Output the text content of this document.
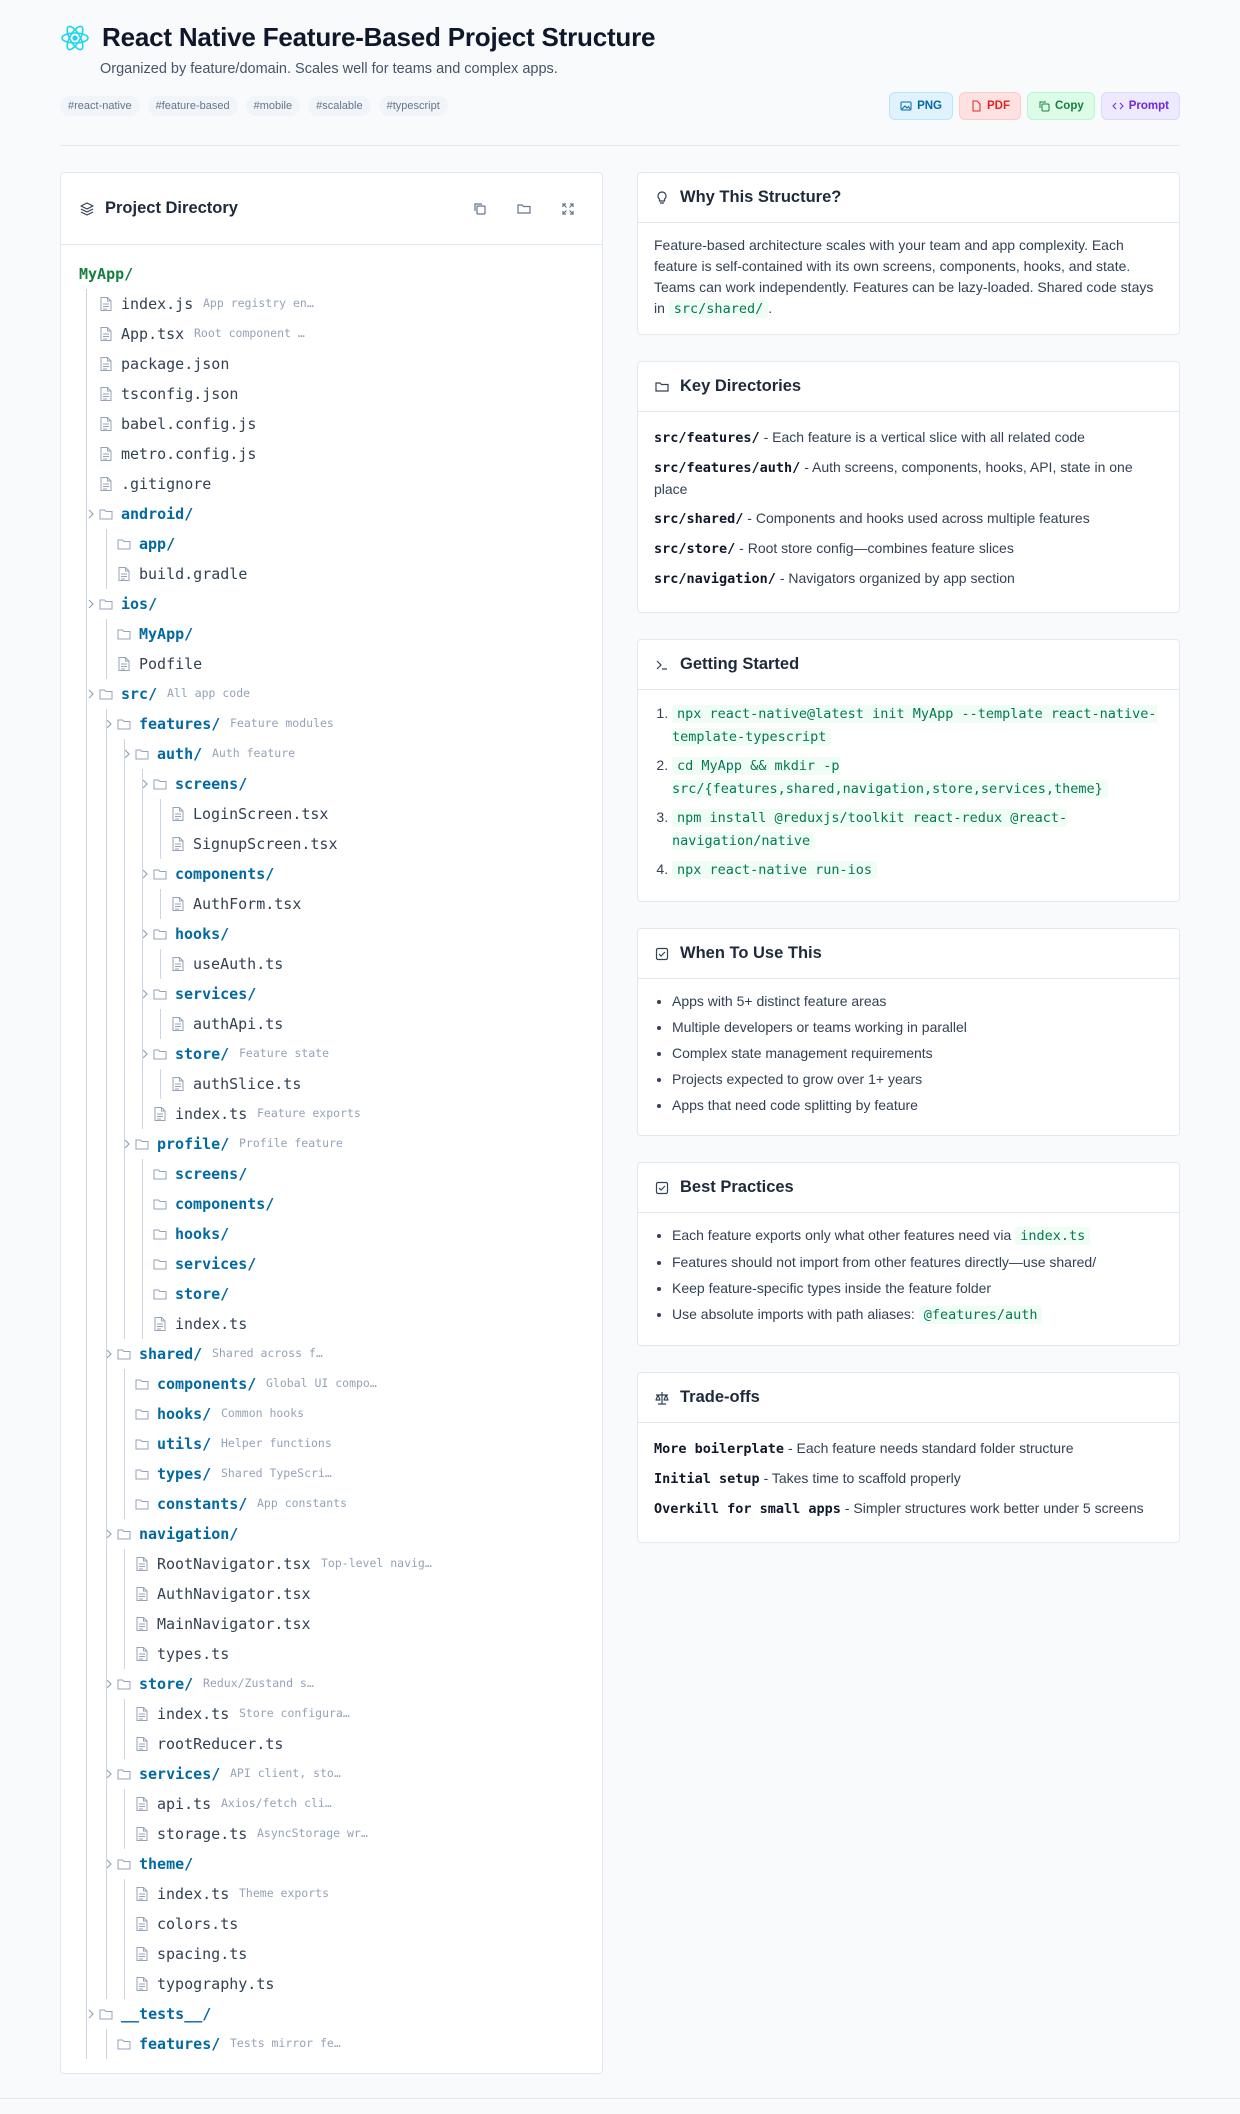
React Native Feature-Based Project Structure
Organized by feature/domain. Scales well for teams and complex apps.
#react-native	#feature-based	#mobile	#scalable	#typescript	PNG	PDF	Copy	Prompt
Project Directory
MyApp/
index.js App registry en…
App.tsx Root component …
package.json
tsconfig.json
babel.config.js
metro.config.js
.gitignore
android/
app/
build.gradle
ios/
MyApp/
Podfile
src/ All app code
features/ Feature modules
auth/ Auth feature
screens/
LoginScreen.tsx
SignupScreen.tsx
components/
AuthForm.tsx
hooks/
useAuth.ts
services/
authApi.ts
store/ Feature state
authSlice.ts
index.ts Feature exports
profile/ Profile feature
screens/
components/
hooks/
services/
store/
index.ts
shared/ Shared across f…
components/ Global UI compo…
hooks/ Common hooks
utils/ Helper functions
types/ Shared TypeScri…
constants/ App constants
navigation/
RootNavigator.tsx Top-level navig…
AuthNavigator.tsx
MainNavigator.tsx
types.ts
store/ Redux/Zustand s…
index.ts Store configura…
rootReducer.ts
services/ API client, sto…
api.ts Axios/fetch cli…
storage.ts AsyncStorage wr…
theme/
index.ts Theme exports
colors.ts
spacing.ts
typography.ts
__tests__/
features/ Tests mirror fe…
Why This Structure?
Feature-based architecture scales with your team and app complexity. Each feature is self-contained with its own screens, components, hooks, and state. Teams can work independently. Features can be lazy-loaded. Shared code stays in src/shared/ .
Key Directories

src/features/ - Each feature is a vertical slice with all related code

src/features/auth/ - Auth screens, components, hooks, API, state in one place

src/shared/ - Components and hooks used across multiple features

src/store/ - Root store config—combines feature slices

src/navigation/ - Navigators organized by app section

Getting Started
1. npx react-native@latest init MyApp --template react-native-template-typescript
2. cd MyApp && mkdir -p src/{features,shared,navigation,store,services,theme}
3. npm install @reduxjs/toolkit react-redux @react-navigation/native
4. npx react-native run-ios
When To Use This
• Apps with 5+ distinct feature areas
• Multiple developers or teams working in parallel
• Complex state management requirements
• Projects expected to grow over 1+ years
• Apps that need code splitting by feature
Best Practices
• Each feature exports only what other features need via index.ts
• Features should not import from other features directly—use shared/
• Keep feature-specific types inside the feature folder
• Use absolute imports with path aliases: @features/auth
Trade-offs

More boilerplate - Each feature needs standard folder structure

Initial setup - Takes time to scaffold properly

Overkill for small apps - Simpler structures work better under 5 screens
